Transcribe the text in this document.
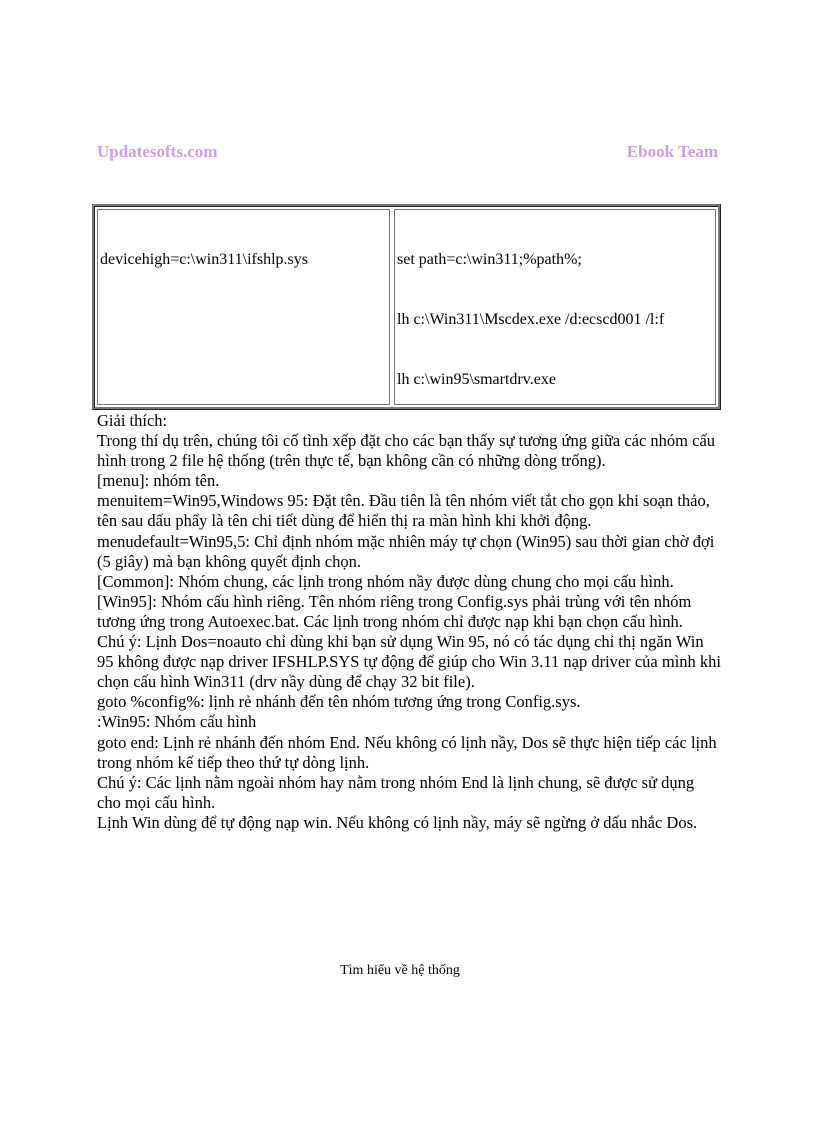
Updatesofts.com	Ebook Team

devicehigh=c:\win311\ifshlp.sys

	set path=c:\win311;%path%;

lh c:\Win311\Mscdex.exe /d:ecscd001 /l:f

lh c:\win95\smartdrv.exe

Giải thích:

Trong thí dụ trên, chúng tôi cố tình xếp đặt cho các bạn thấy sự tương ứng giữa các nhóm cấu hình trong 2 file hệ thống (trên thực tế, bạn không cần có những dòng trống).

[menu]: nhóm tên.

menuitem=Win95,Windows 95: Đặt tên. Đầu tiên là tên nhóm viết tắt cho gọn khi soạn thảo, tên sau dấu phẩy là tên chi tiết dùng để hiển thị ra màn hình khi khởi động.

menudefault=Win95,5: Chỉ định nhóm mặc nhiên máy tự chọn (Win95) sau thời gian chờ đợi (5 giây) mà bạn không quyết định chọn.

[Common]: Nhóm chung, các lịnh trong nhóm nầy được dùng chung cho mọi cấu hình.

[Win95]: Nhóm cấu hình riêng. Tên nhóm riêng trong Config.sys phải trùng với tên nhóm tương ứng trong Autoexec.bat. Các lịnh trong nhóm chỉ được nạp khi bạn chọn cấu hình.

Chú ý: Lịnh Dos=noauto chỉ dùng khi bạn sử dụng Win 95, nó có tác dụng chỉ thị ngăn Win 95 không được nạp driver IFSHLP.SYS tự động để giúp cho Win 3.11 nạp driver của mình khi chọn cấu hình Win311 (drv nầy dùng để chạy 32 bit file).

goto %config%: lịnh rẻ nhánh đến tên nhóm tương ứng trong Config.sys.

:Win95: Nhóm cấu hình

goto end: Lịnh rẻ nhánh đến nhóm End. Nếu không có lịnh nầy, Dos sẽ thực hiện tiếp các lịnh trong nhóm kế tiếp theo thứ tự dòng lịnh.

Chú ý: Các lịnh nằm ngoài nhóm hay nằm trong nhóm End là lịnh chung, sẽ được sử dụng cho mọi cấu hình.

Lịnh Win dùng để tự động nạp win. Nếu không có lịnh nầy, máy sẽ ngừng ở dấu nhắc Dos.

Tìm hiểu về hệ thống
